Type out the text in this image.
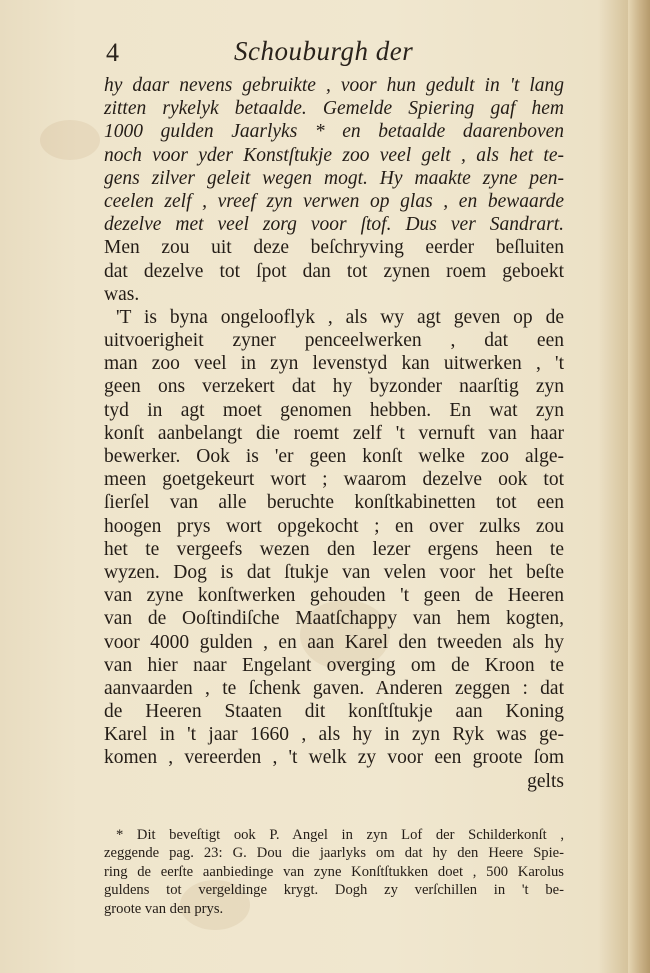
4	Schouburgh der
hy daar nevens gebruikte , voor hun gedult in 't lang
zitten rykelyk betaalde. Gemelde Spiering gaf hem
1000 gulden Jaarlyks * en betaalde daarenboven
noch voor yder Konstſtukje zoo veel gelt , als het te-
gens zilver geleit wegen mogt. Hy maakte zyne pen-
ceelen zelf , vreef zyn verwen op glas , en bewaarde
dezelve met veel zorg voor ſtof. Dus ver Sandrart.
Men zou uit deze beſchryving eerder beſluiten
dat dezelve tot ſpot dan tot zynen roem geboekt
was.
'T is byna ongelooflyk , als wy agt geven op de
uitvoerigheit zyner penceelwerken , dat een
man zoo veel in zyn levenstyd kan uitwerken , 't
geen ons verzekert dat hy byzonder naarſtig zyn
tyd in agt moet genomen hebben. En wat zyn
konſt aanbelangt die roemt zelf 't vernuft van haar
bewerker. Ook is 'er geen konſt welke zoo alge-
meen goetgekeurt wort ; waarom dezelve ook tot
ſierſel van alle beruchte konſtkabinetten tot een
hoogen prys wort opgekocht ; en over zulks zou
het te vergeefs wezen den lezer ergens heen te
wyzen. Dog is dat ſtukje van velen voor het beſte
van zyne konſtwerken gehouden 't geen de Heeren
van de Ooſtindiſche Maatſchappy van hem kogten,
voor 4000 gulden , en aan Karel den tweeden als hy
van hier naar Engelant overging om de Kroon te
aanvaarden , te ſchenk gaven. Anderen zeggen : dat
de Heeren Staaten dit konſtſtukje aan Koning
Karel in 't jaar 1660 , als hy in zyn Ryk was ge-
komen , vereerden , 't welk zy voor een groote ſom
gelts
* Dit beveſtigt ook P. Angel in zyn Lof der Schilderkonſt ,
zeggende pag. 23: G. Dou die jaarlyks om dat hy den Heere Spie-
ring de eerſte aanbiedinge van zyne Konſtſtukken doet , 500 Karolus
guldens tot vergeldinge krygt. Dogh zy verſchillen in 't be-
grootе van den prys.
